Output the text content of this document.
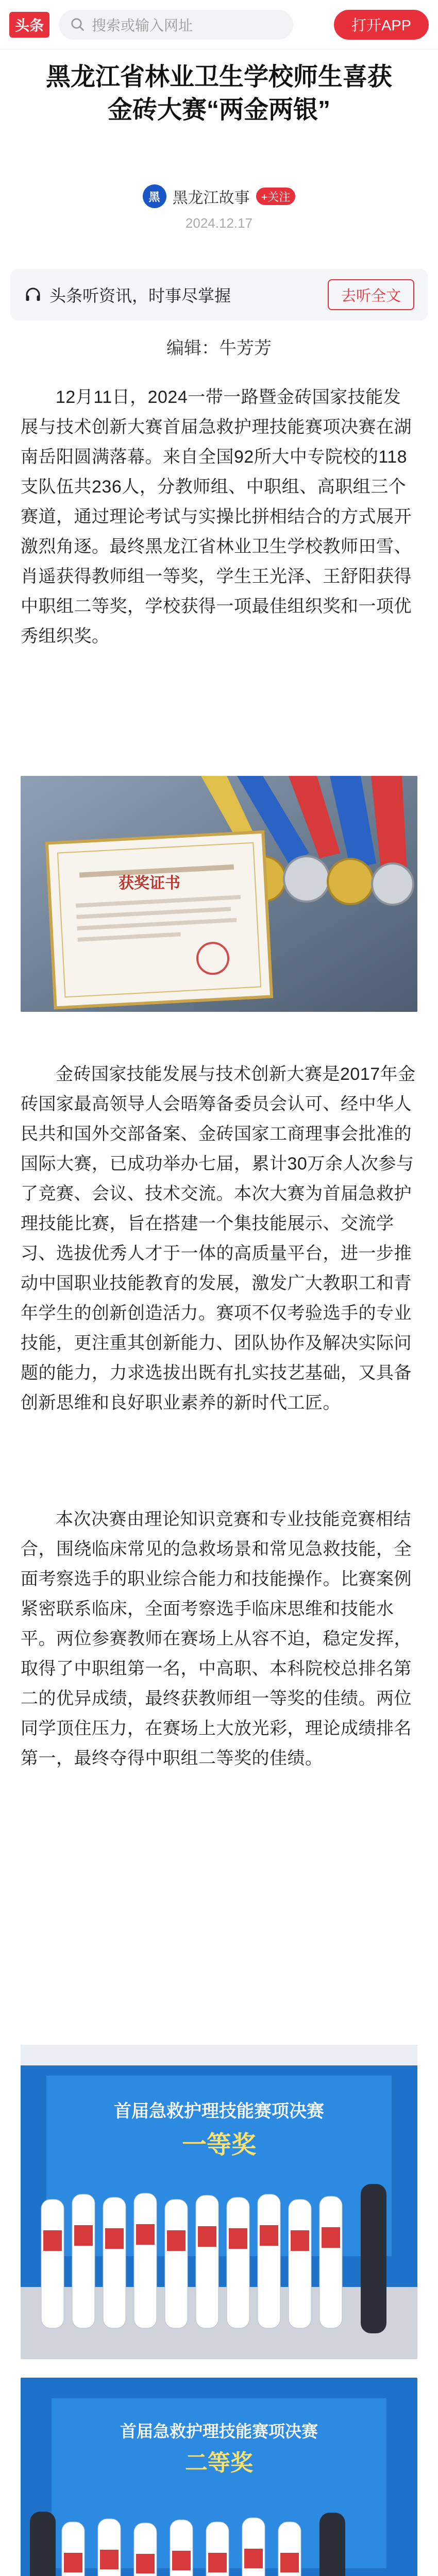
头条	搜索或输入网址	打开APP
黑龙江省林业卫生学校师生喜获金砖大赛“两金两银”
黑 黑龙江故事	+关注
2024.12.17
头条听资讯，时事尽掌握	去听全文
编辑：牛芳芳
12月11日，2024一带一路暨金砖国家技能发展与技术创新大赛首届急救护理技能赛项决赛在湖南岳阳圆满落幕。来自全国92所大中专院校的118支队伍共236人，分教师组、中职组、高职组三个赛道，通过理论考试与实操比拼相结合的方式展开激烈角逐。最终黑龙江省林业卫生学校教师田雪、肖遥获得教师组一等奖，学生王光泽、王舒阳获得中职组二等奖，学校获得一项最佳组织奖和一项优秀组织奖。
获奖证书
金砖国家技能发展与技术创新大赛是2017年金砖国家最高领导人会晤筹备委员会认可、经中华人民共和国外交部备案、金砖国家工商理事会批准的国际大赛，已成功举办七届，累计30万余人次参与了竞赛、会议、技术交流。本次大赛为首届急救护理技能比赛，旨在搭建一个集技能展示、交流学习、选拔优秀人才于一体的高质量平台，进一步推动中国职业技能教育的发展，激发广大教职工和青年学生的创新创造活力。赛项不仅考验选手的专业技能，更注重其创新能力、团队协作及解决实际问题的能力，力求选拔出既有扎实技艺基础，又具备创新思维和良好职业素养的新时代工匠。
本次决赛由理论知识竞赛和专业技能竞赛相结合，围绕临床常见的急救场景和常见急救技能，全面考察选手的职业综合能力和技能操作。比赛案例紧密联系临床，全面考察选手临床思维和技能水平。两位参赛教师在赛场上从容不迫，稳定发挥，取得了中职组第一名，中高职、本科院校总排名第二的优异成绩，最终获教师组一等奖的佳绩。两位同学顶住压力，在赛场上大放光彩，理论成绩排名第一，最终夺得中职组二等奖的佳绩。
首届急救护理技能赛项决赛
一等奖
首届急救护理技能赛项决赛
二等奖
